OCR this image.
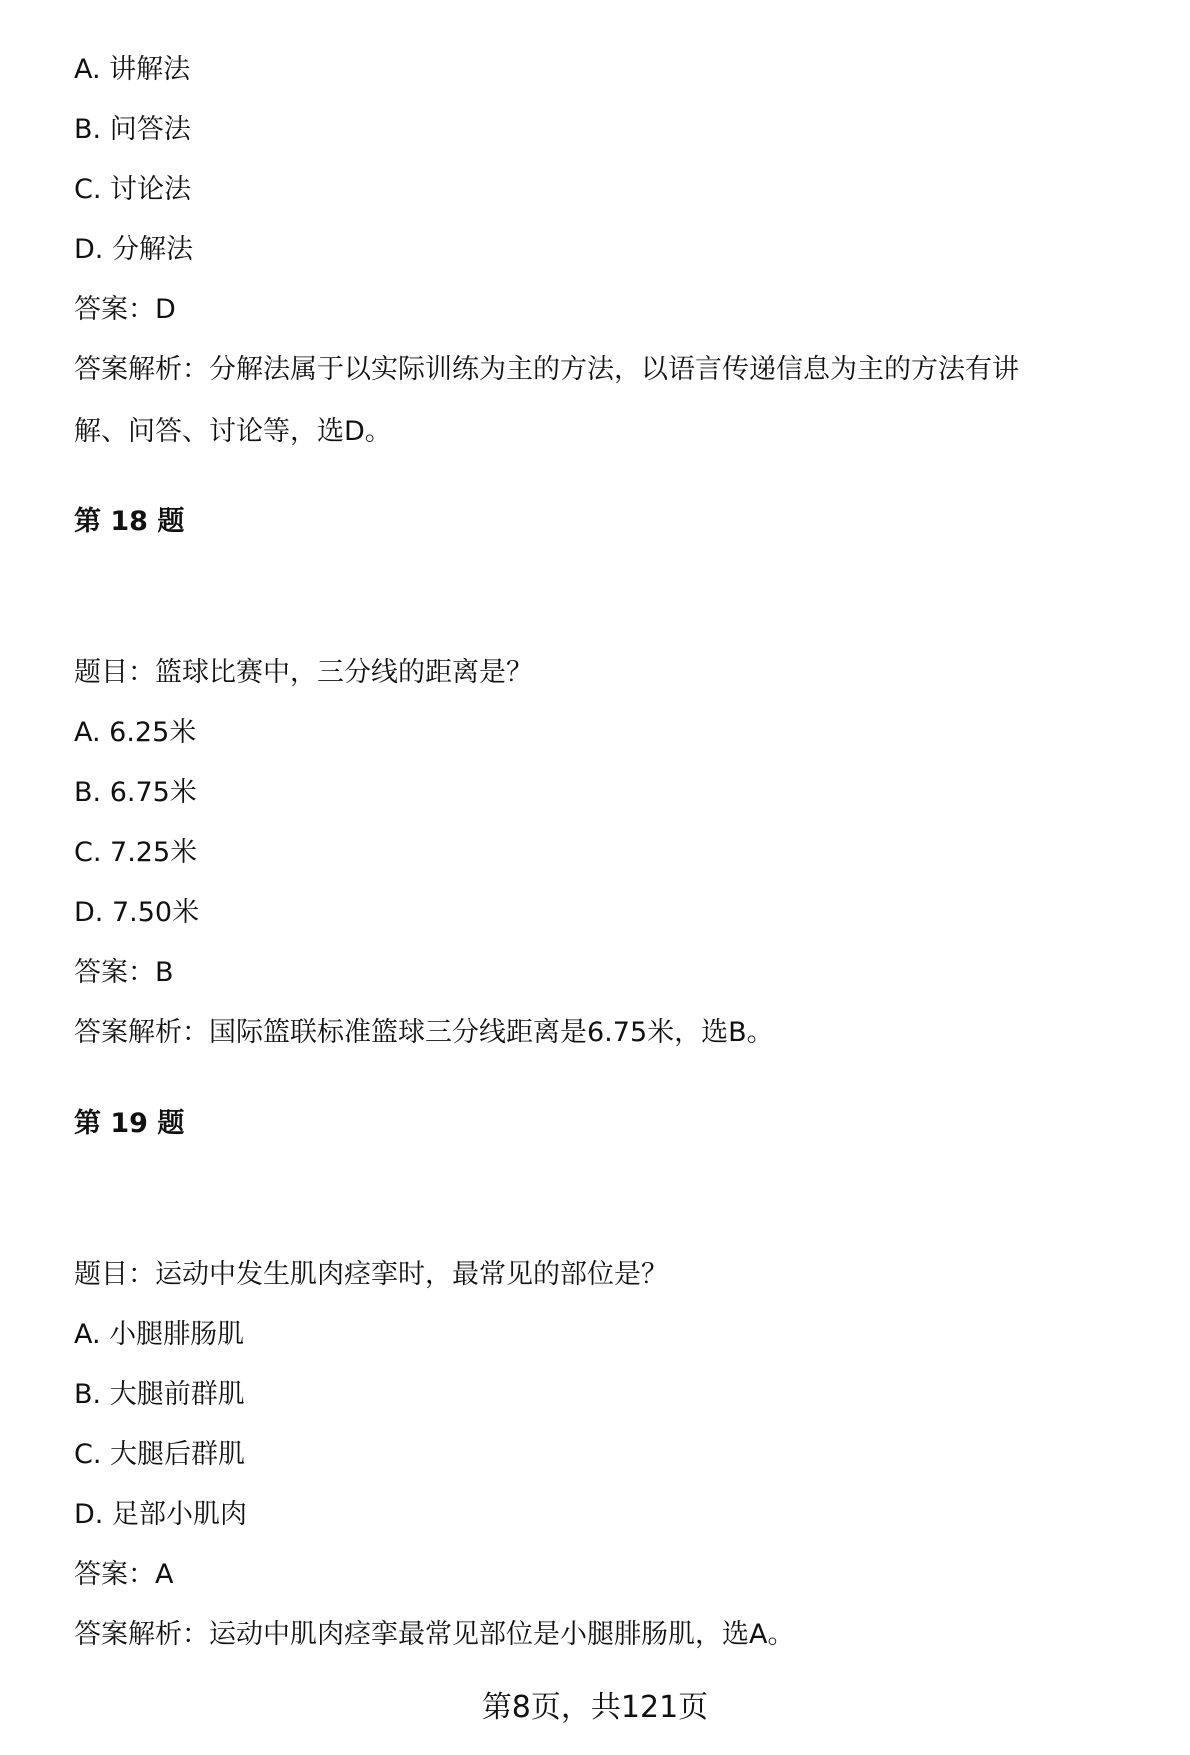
A. 讲解法
B. 问答法
C. 讨论法
D. 分解法
答案：D
答案解析：分解法属于以实际训练为主的方法，以语言传递信息为主的方法有讲
解、问答、讨论等，选D。
第 18 题
题目：篮球比赛中，三分线的距离是？
A. 6.25米
B. 6.75米
C. 7.25米
D. 7.50米
答案：B
答案解析：国际篮联标准篮球三分线距离是6.75米，选B。
第 19 题
题目：运动中发生肌肉痉挛时，最常见的部位是？
A. 小腿腓肠肌
B. 大腿前群肌
C. 大腿后群肌
D. 足部小肌肉
答案：A
答案解析：运动中肌肉痉挛最常见部位是小腿腓肠肌，选A。
第8页，共121页
